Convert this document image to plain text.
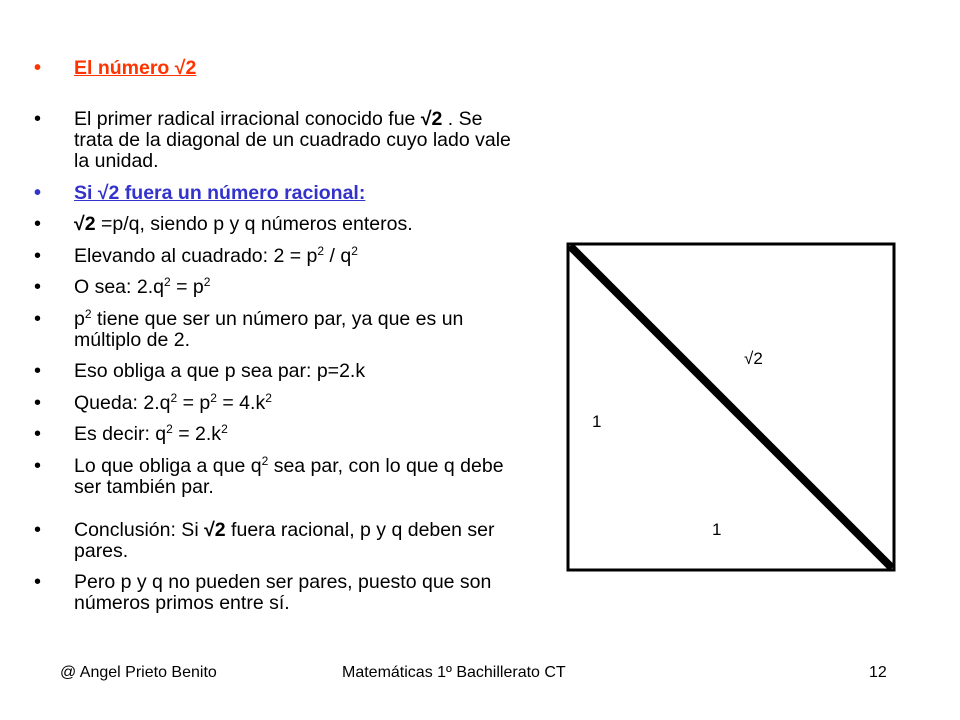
• El número √2
• El primer radical irracional conocido fue √2 . Se trata de la diagonal de un cuadrado cuyo lado vale la unidad.
• Si √2 fuera un número racional:
• √2 =p/q, siendo p y q números enteros.
• Elevando al cuadrado: $2 = p^2 / q^2$
• O sea: $2.q^2 = p^2$
• $p^2$ tiene que ser un número par, ya que es un múltiplo de 2.
• Eso obliga a que p sea par: p=2.k
• Queda: $2.q^2 = p^2 = 4.k^2$
• Es decir: $q^2 = 2.k^2$
• Lo que obliga a que $q^2$ sea par, con lo que q debe ser también par.
• Conclusión: Si √2 fuera racional, p y q deben ser pares.
• Pero p y q no pueden ser pares, puesto que son números primos entre sí.
√2
1
1
@ Angel Prieto Benito	Matemáticas 1º Bachillerato CT	12
